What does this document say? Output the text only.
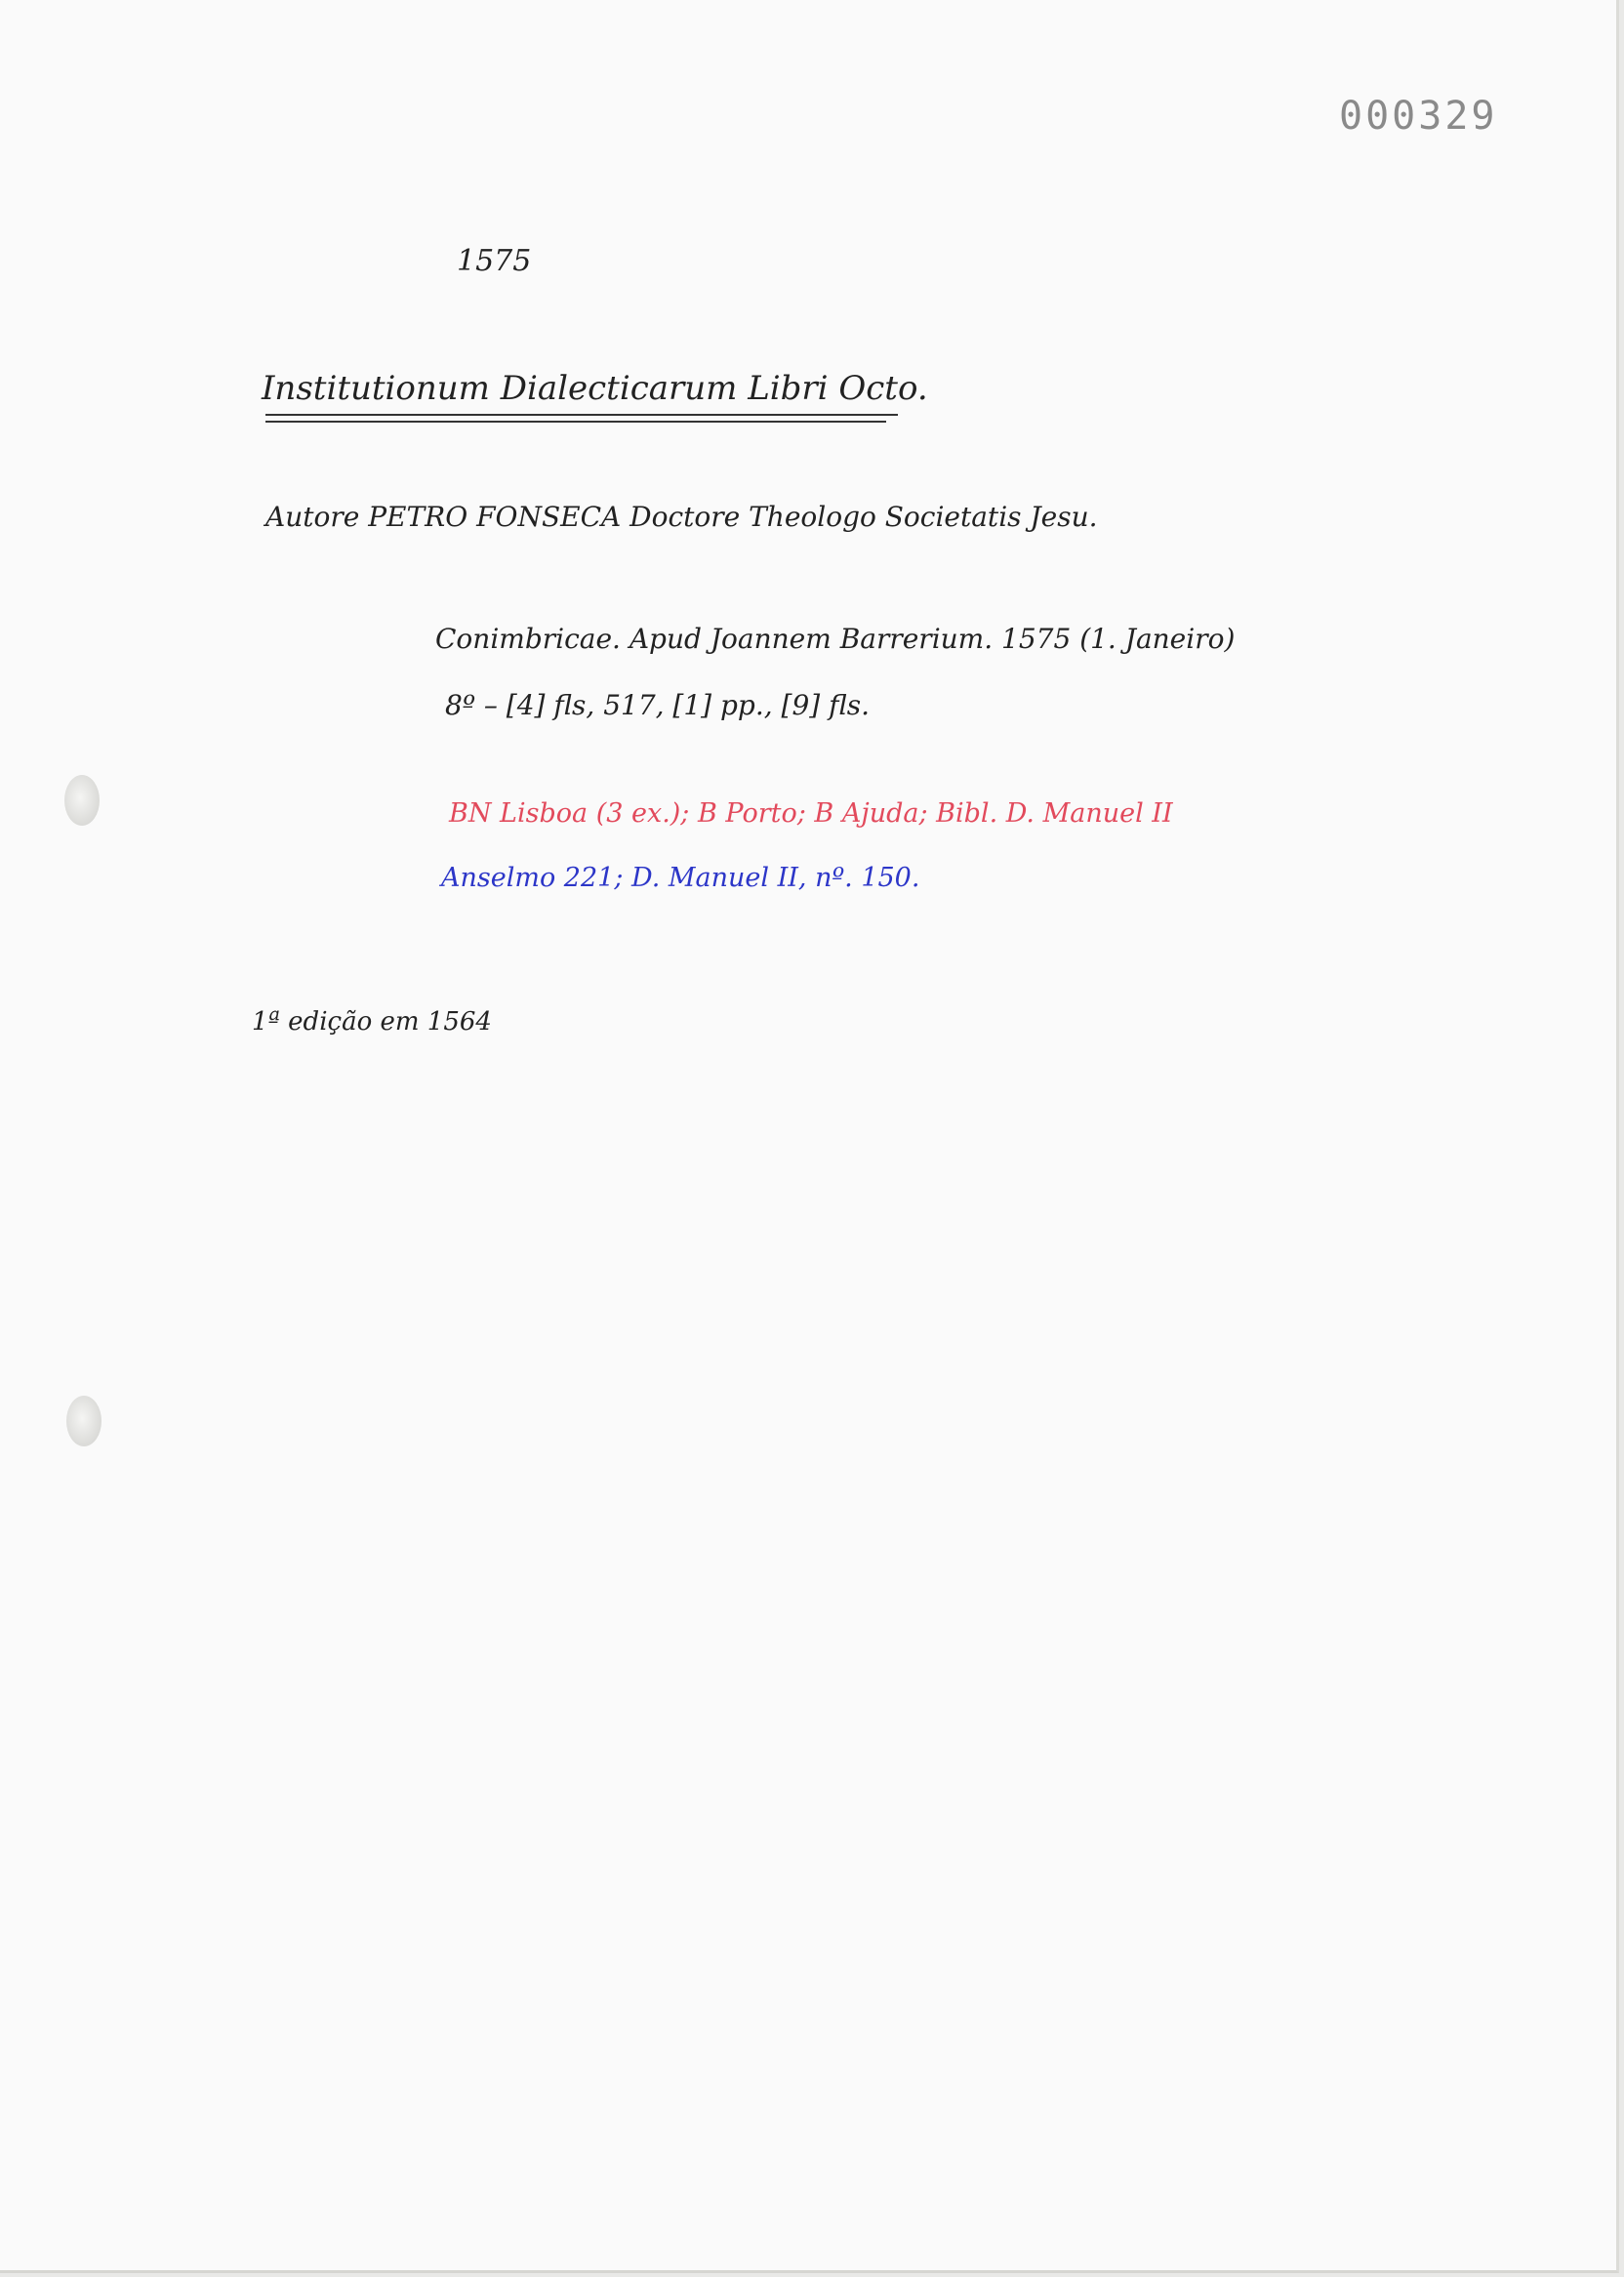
000329
1575
Institutionum Dialecticarum Libri Octo.
Autore PETRO FONSECA Doctore Theologo Societatis Jesu.
Conimbricae. Apud Joannem Barrerium. 1575 (1. Janeiro)
8º – [4] fls, 517, [1] pp., [9] fls.
BN Lisboa (3 ex.); B Porto; B Ajuda; Bibl. D. Manuel II
Anselmo 221; D. Manuel II, nº. 150.
1ª edição em 1564
